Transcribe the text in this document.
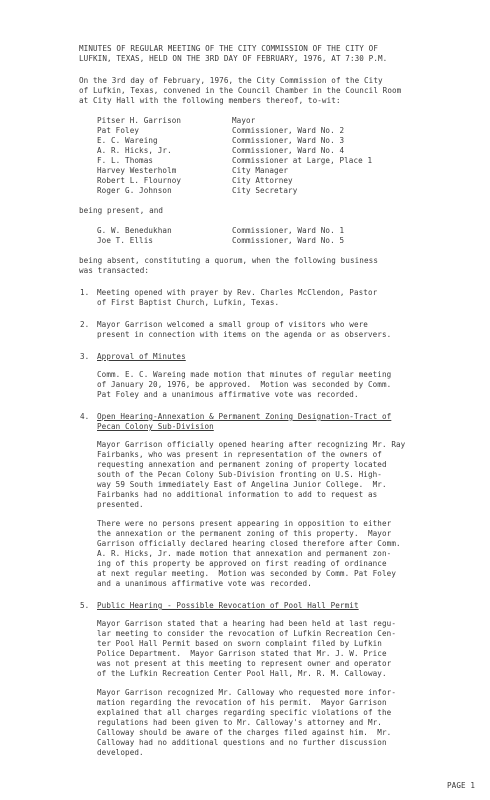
MINUTES OF REGULAR MEETING OF THE CITY COMMISSION OF THE CITY OF
LUFKIN, TEXAS, HELD ON THE 3RD DAY OF FEBRUARY, 1976, AT 7:30 P.M.
On the 3rd day of February, 1976, the City Commission of the City
of Lufkin, Texas, convened in the Council Chamber in the Council Room
at City Hall with the following members thereof, to-wit:
Pitser H. Garrison	Mayor
Pat Foley	Commissioner, Ward No. 2
E. C. Wareing	Commissioner, Ward No. 3
A. R. Hicks, Jr.	Commissioner, Ward No. 4
F. L. Thomas	Commissioner at Large, Place 1
Harvey Westerholm	City Manager
Robert L. Flournoy	City Attorney
Roger G. Johnson	City Secretary
being present, and
G. W. Benedukhan	Commissioner, Ward No. 1
Joe T. Ellis	Commissioner, Ward No. 5
being absent, constituting a quorum, when the following business
was transacted:
1. Meeting opened with prayer by Rev. Charles McClendon, Pastor
of First Baptist Church, Lufkin, Texas.
2. Mayor Garrison welcomed a small group of visitors who were
present in connection with items on the agenda or as observers.
3. Approval of Minutes
Comm. E. C. Wareing made motion that minutes of regular meeting
of January 20, 1976, be approved.  Motion was seconded by Comm.
Pat Foley and a unanimous affirmative vote was recorded.
4. Open Hearing-Annexation & Permanent Zoning Designation-Tract of
Pecan Colony Sub-Division
Mayor Garrison officially opened hearing after recognizing Mr. Ray
Fairbanks, who was present in representation of the owners of
requesting annexation and permanent zoning of property located
south of the Pecan Colony Sub-Division fronting on U.S. High-
way 59 South immediately East of Angelina Junior College.  Mr.
Fairbanks had no additional information to add to request as
presented.
There were no persons present appearing in opposition to either
the annexation or the permanent zoning of this property.  Mayor
Garrison officially declared hearing closed therefore after Comm.
A. R. Hicks, Jr. made motion that annexation and permanent zon-
ing of this property be approved on first reading of ordinance
at next regular meeting.  Motion was seconded by Comm. Pat Foley
and a unanimous affirmative vote was recorded.
5. Public Hearing - Possible Revocation of Pool Hall Permit
Mayor Garrison stated that a hearing had been held at last regu-
lar meeting to consider the revocation of Lufkin Recreation Cen-
ter Pool Hall Permit based on sworn complaint filed by Lufkin
Police Department.  Mayor Garrison stated that Mr. J. W. Price
was not present at this meeting to represent owner and operator
of the Lufkin Recreation Center Pool Hall, Mr. R. M. Calloway.
Mayor Garrison recognized Mr. Calloway who requested more infor-
mation regarding the revocation of his permit.  Mayor Garrison
explained that all charges regarding specific violations of the
regulations had been given to Mr. Calloway's attorney and Mr.
Calloway should be aware of the charges filed against him.  Mr.
Calloway had no additional questions and no further discussion
developed.
PAGE 1
